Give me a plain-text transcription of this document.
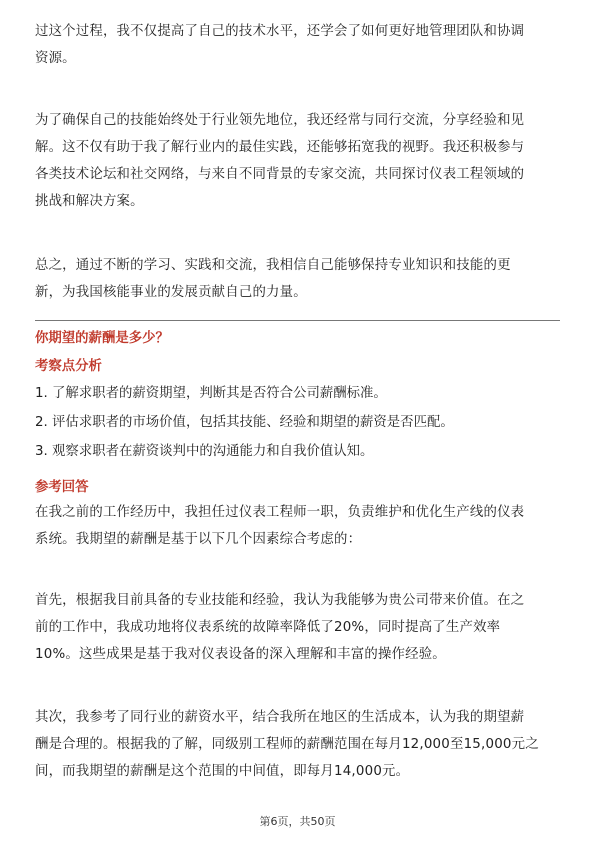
过这个过程，我不仅提高了自己的技术水平，还学会了如何更好地管理团队和协调
资源。

为了确保自己的技能始终处于行业领先地位，我还经常与同行交流，分享经验和见
解。这不仅有助于我了解行业内的最佳实践，还能够拓宽我的视野。我还积极参与
各类技术论坛和社交网络，与来自不同背景的专家交流，共同探讨仪表工程领域的
挑战和解决方案。

总之，通过不断的学习、实践和交流，我相信自己能够保持专业知识和技能的更
新，为我国核能事业的发展贡献自己的力量。

你期望的薪酬是多少？

考察点分析

1. 了解求职者的薪资期望，判断其是否符合公司薪酬标准。

2. 评估求职者的市场价值，包括其技能、经验和期望的薪资是否匹配。

3. 观察求职者在薪资谈判中的沟通能力和自我价值认知。

参考回答

在我之前的工作经历中，我担任过仪表工程师一职，负责维护和优化生产线的仪表
系统。我期望的薪酬是基于以下几个因素综合考虑的：

首先，根据我目前具备的专业技能和经验，我认为我能够为贵公司带来价值。在之
前的工作中，我成功地将仪表系统的故障率降低了20%，同时提高了生产效率
10%。这些成果是基于我对仪表设备的深入理解和丰富的操作经验。

其次，我参考了同行业的薪资水平，结合我所在地区的生活成本，认为我的期望薪
酬是合理的。根据我的了解，同级别工程师的薪酬范围在每月12,000至15,000元之
间，而我期望的薪酬是这个范围的中间值，即每月14,000元。

第6页，共50页
